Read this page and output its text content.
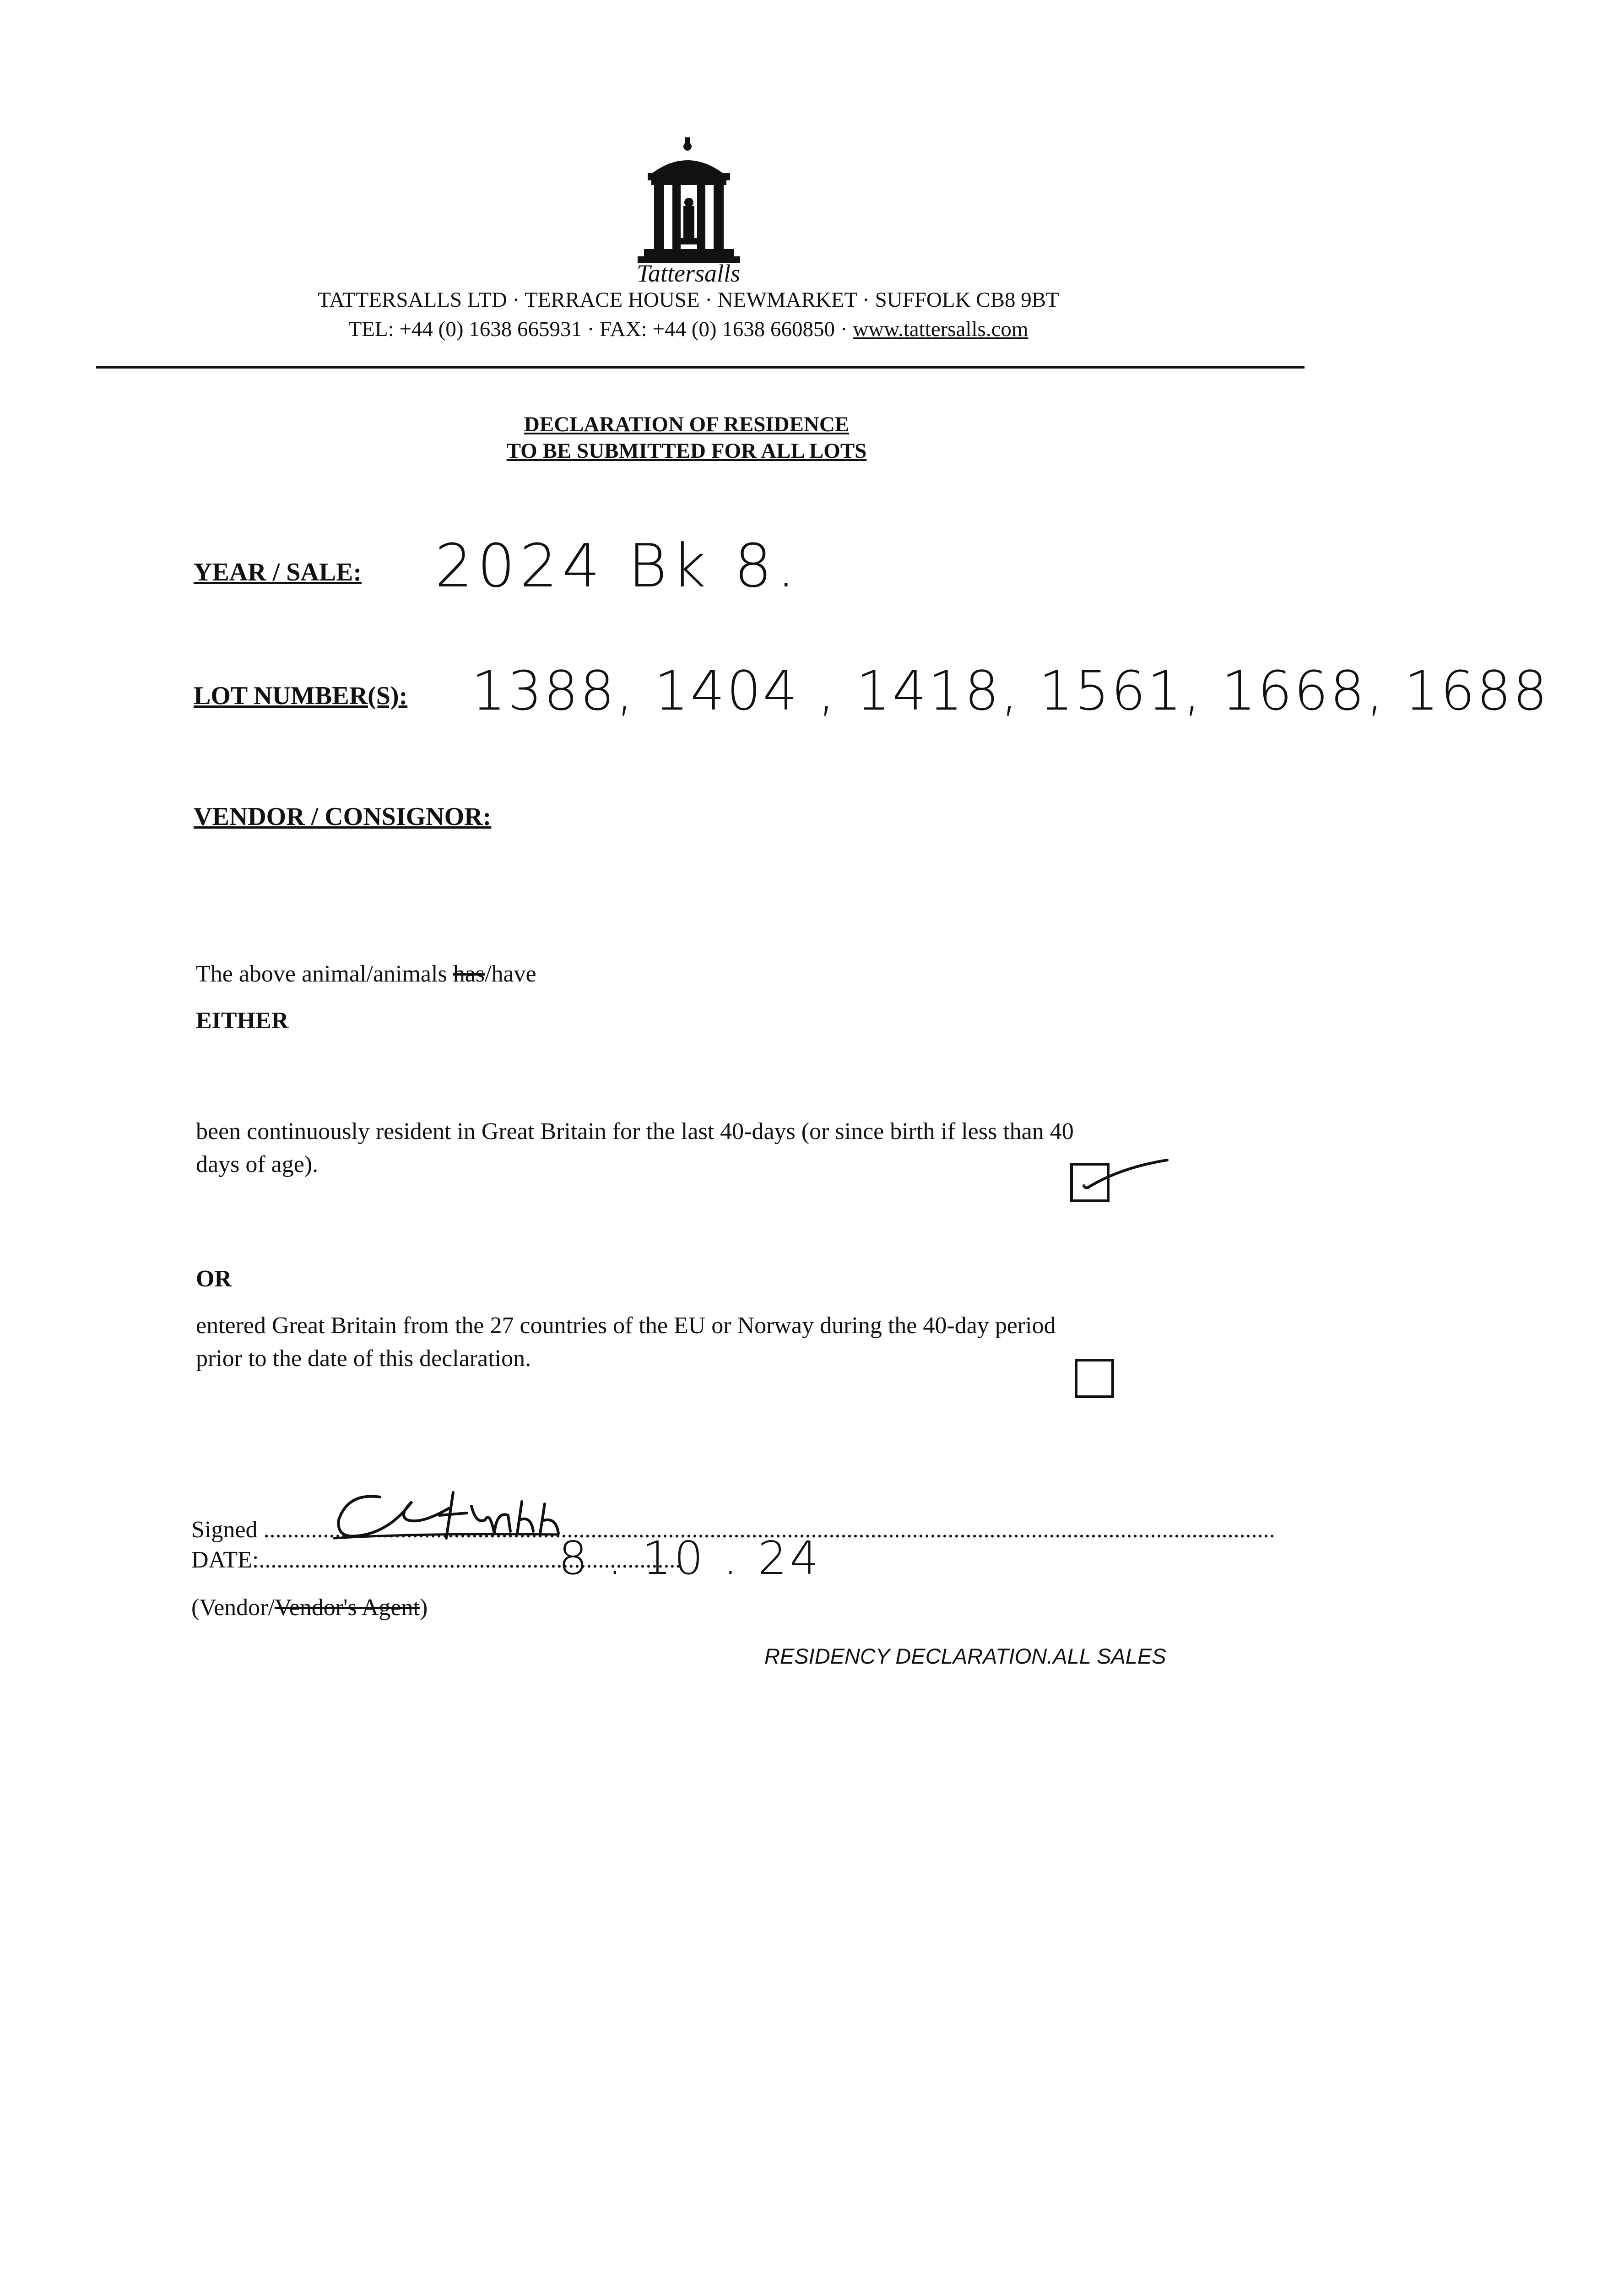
Tattersalls
TATTERSALLS LTD · TERRACE HOUSE · NEWMARKET · SUFFOLK CB8 9BT
TEL: +44 (0) 1638 665931 · FAX: +44 (0) 1638 660850 · www.tattersalls.com
DECLARATION OF RESIDENCE
TO BE SUBMITTED FOR ALL LOTS
YEAR / SALE: 2024 Bk 8.
LOT NUMBER(S): 1388, 1404 , 1418, 1561, 1668, 1688
VENDOR / CONSIGNOR:
The above animal/animals has/have
EITHER
been continuously resident in Great Britain for the last 40-days (or since birth if less than 40
days of age).
OR
entered Great Britain from the 27 countries of the EU or Norway during the 40-day period
prior to the date of this declaration.
Signed ..........................................................................................................................................................................
DATE:.......................................................................
8 . 10 . 24
(Vendor/Vendor's Agent)
RESIDENCY DECLARATION.ALL SALES
